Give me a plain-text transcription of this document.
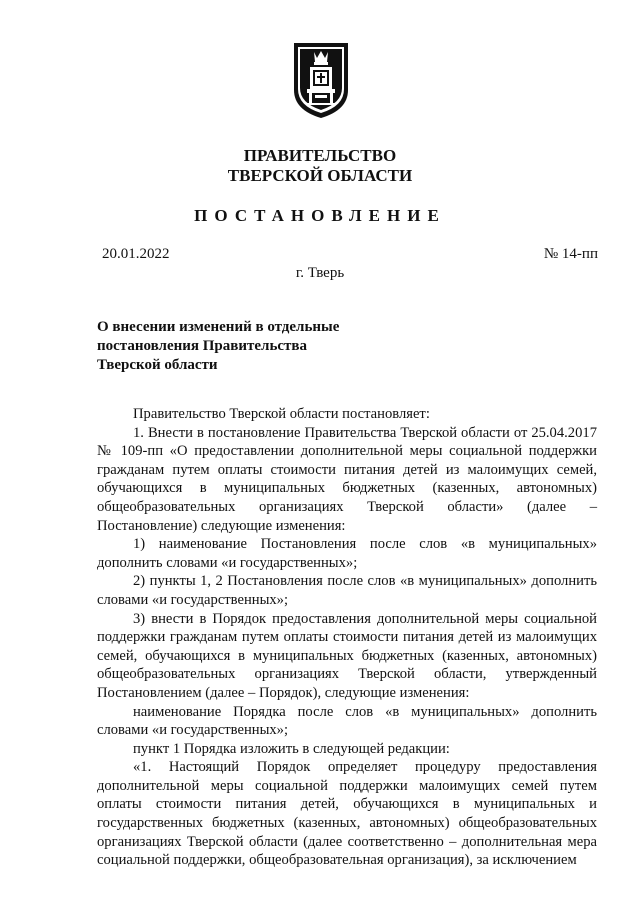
ПРАВИТЕЛЬСТВО
ТВЕРСКОЙ ОБЛАСТИ
ПОСТАНОВЛЕНИЕ
20.01.2022	№ 14-пп
г. Тверь
О внесении изменений в отдельные
постановления Правительства
Тверской области

Правительство Тверской области постановляет:

1. Внести в постановление Правительства Тверской области от 25.04.2017 № 109-пп «О предоставлении дополнительной меры социальной поддержки гражданам путем оплаты стоимости питания детей из малоимущих семей, обучающихся в муниципальных бюджетных (казенных, автономных) общеобразовательных организациях Тверской области» (далее – Постановление) следующие изменения:

1) наименование Постановления после слов «в муниципальных» дополнить словами «и государственных»;

2) пункты 1, 2 Постановления после слов «в муниципальных» дополнить словами «и государственных»;

3) внести в Порядок предоставления дополнительной меры социальной поддержки гражданам путем оплаты стоимости питания детей из малоимущих семей, обучающихся в муниципальных бюджетных (казенных, автономных) общеобразовательных организациях Тверской области, утвержденный Постановлением (далее – Порядок), следующие изменения:

наименование Порядка после слов «в муниципальных» дополнить словами «и государственных»;

пункт 1 Порядка изложить в следующей редакции:

«1. Настоящий Порядок определяет процедуру предоставления дополнительной меры социальной поддержки малоимущих семей путем оплаты стоимости питания детей, обучающихся в муниципальных и государственных бюджетных (казенных, автономных) общеобразовательных организациях Тверской области (далее соответственно – дополнительная мера социальной поддержки, общеобразовательная организация), за исключением
